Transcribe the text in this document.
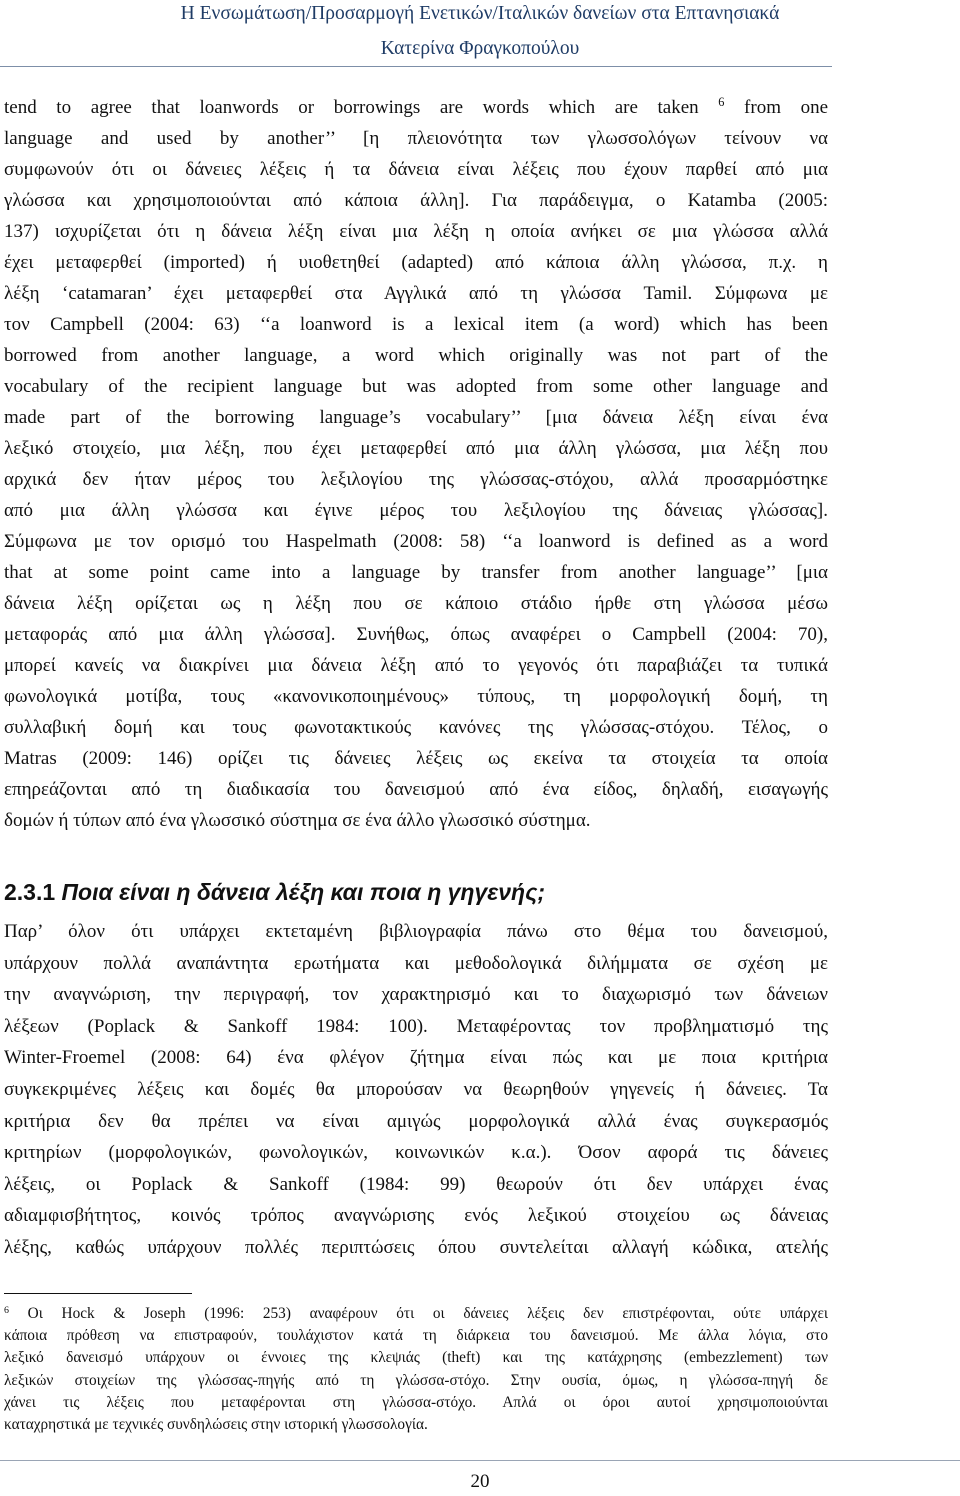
Η Ενσωμάτωση/Προσαρμογή Ενετικών/Ιταλικών δανείων στα Επτανησιακά
Κατερίνα Φραγκοπούλου
tend to agree that loanwords or borrowings are words which are taken $^6$ from one
language and used by another’’ [η πλειονότητα των γλωσσολόγων τείνουν να
συμφωνούν ότι οι δάνειες λέξεις ή τα δάνεια είναι λέξεις που έχουν παρθεί από μια
γλώσσα και χρησιμοποιούνται από κάποια άλλη]. Για παράδειγμα, ο Katamba (2005:
137) ισχυρίζεται ότι η δάνεια λέξη είναι μια λέξη η οποία ανήκει σε μια γλώσσα αλλά
έχει μεταφερθεί (imported) ή υιοθετηθεί (adapted) από κάποια άλλη γλώσσα, π.χ. η
λέξη ‘catamaran’ έχει μεταφερθεί στα Αγγλικά από τη γλώσσα Tamil. Σύμφωνα με
τον Campbell (2004: 63) ‘‘a loanword is a lexical item (a word) which has been
borrowed from another language, a word which originally was not part of the
vocabulary of the recipient language but was adopted from some other language and
made part of the borrowing language’s vocabulary’’ [μια δάνεια λέξη είναι ένα
λεξικό στοιχείο, μια λέξη, που έχει μεταφερθεί από μια άλλη γλώσσα, μια λέξη που
αρχικά δεν ήταν μέρος του λεξιλογίου της γλώσσας-στόχου, αλλά προσαρμόστηκε
από μια άλλη γλώσσα και έγινε μέρος του λεξιλογίου της δάνειας γλώσσας].
Σύμφωνα με τον ορισμό του Haspelmath (2008: 58) ‘‘a loanword is defined as a word
that at some point came into a language by transfer from another language’’ [μια
δάνεια λέξη ορίζεται ως η λέξη που σε κάποιο στάδιο ήρθε στη γλώσσα μέσω
μεταφοράς από μια άλλη γλώσσα]. Συνήθως, όπως αναφέρει ο Campbell (2004: 70),
μπορεί κανείς να διακρίνει μια δάνεια λέξη από το γεγονός ότι παραβιάζει τα τυπικά
φωνολογικά μοτίβα, τους «κανονικοποιημένους» τύπους, τη μορφολογική δομή, τη
συλλαβική δομή και τους φωνοτακτικούς κανόνες της γλώσσας-στόχου. Τέλος, ο
Matras (2009: 146) ορίζει τις δάνειες λέξεις ως εκείνα τα στοιχεία τα οποία
επηρεάζονται από τη διαδικασία του δανεισμού από ένα είδος, δηλαδή, εισαγωγής
δομών ή τύπων από ένα γλωσσικό σύστημα σε ένα άλλο γλωσσικό σύστημα.
2.3.1 Ποια είναι η δάνεια λέξη και ποια η γηγενής;
Παρ’ όλον ότι υπάρχει εκτεταμένη βιβλιογραφία πάνω στο θέμα του δανεισμού,
υπάρχουν πολλά αναπάντητα ερωτήματα και μεθοδολογικά διλήμματα σε σχέση με
την αναγνώριση, την περιγραφή, τον χαρακτηρισμό και το διαχωρισμό των δάνειων
λέξεων (Poplack & Sankoff 1984: 100). Μεταφέροντας τον προβληματισμό της
Winter-Froemel (2008: 64) ένα φλέγον ζήτημα είναι πώς και με ποια κριτήρια
συγκεκριμένες λέξεις και δομές θα μπορούσαν να θεωρηθούν γηγενείς ή δάνειες. Τα
κριτήρια δεν θα πρέπει να είναι αμιγώς μορφολογικά αλλά ένας συγκερασμός
κριτηρίων (μορφολογικών, φωνολογικών, κοινωνικών κ.α.). Όσον αφορά τις δάνειες
λέξεις, οι Poplack & Sankoff (1984: 99) θεωρούν ότι δεν υπάρχει ένας
αδιαμφισβήτητος, κοινός τρόπος αναγνώρισης ενός λεξικού στοιχείου ως δάνειας
λέξης, καθώς υπάρχουν πολλές περιπτώσεις όπου συντελείται αλλαγή κώδικα, ατελής
$^6$ Οι Hock & Joseph (1996: 253) αναφέρουν ότι οι δάνειες λέξεις δεν επιστρέφονται, ούτε υπάρχει
κάποια πρόθεση να επιστραφούν, τουλάχιστον κατά τη διάρκεια του δανεισμού. Με άλλα λόγια, στο
λεξικό δανεισμό υπάρχουν οι έννοιες της κλεψιάς (theft) και της κατάχρησης (embezzlement) των
λεξικών στοιχείων της γλώσσας-πηγής από τη γλώσσα-στόχο. Στην ουσία, όμως, η γλώσσα-πηγή δε
χάνει τις λέξεις που μεταφέρονται στη γλώσσα-στόχο. Απλά οι όροι αυτοί χρησιμοποιούνται
καταχρηστικά με τεχνικές συνδηλώσεις στην ιστορική γλωσσολογία.
20
